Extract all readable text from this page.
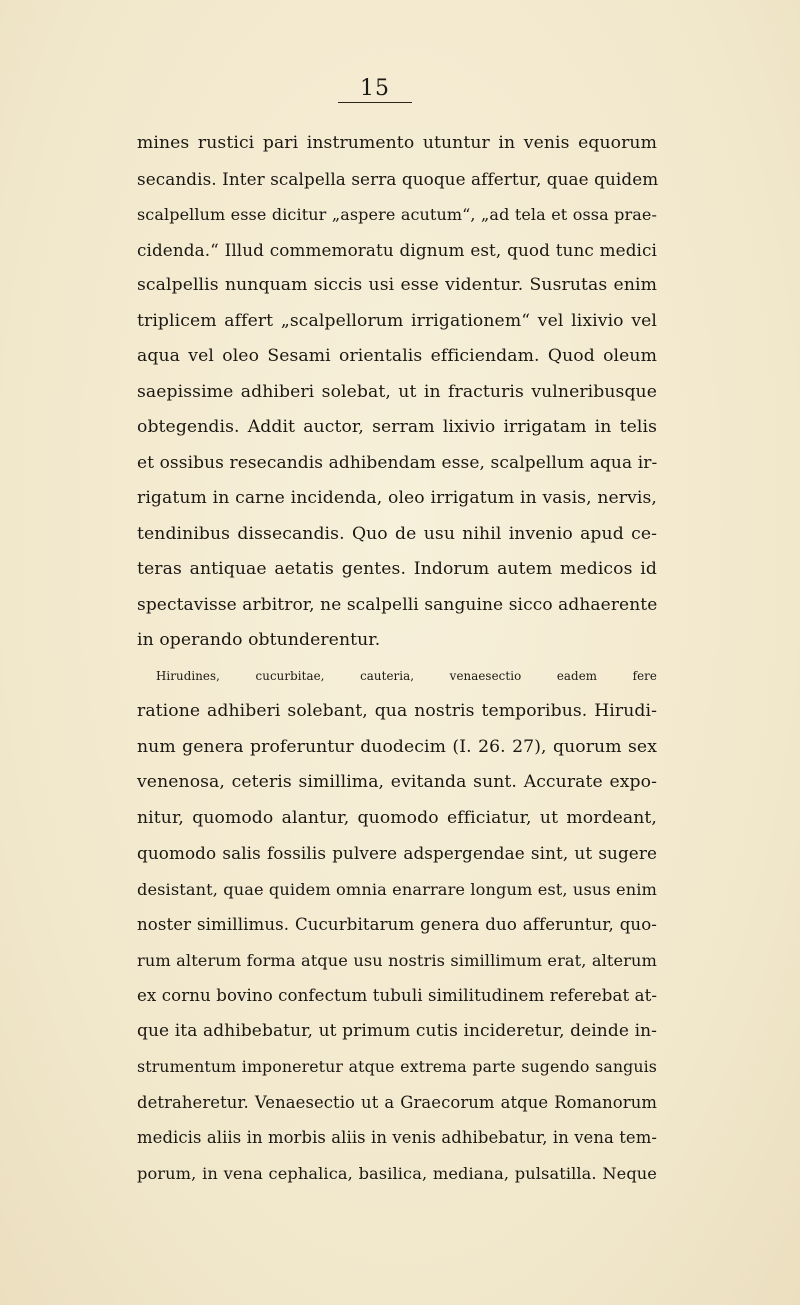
15
mines rustici pari instrumento utuntur in venis equorum
secandis. Inter scalpella serra quoque affertur, quae quidem
scalpellum esse dicitur „aspere acutum“, „ad tela et ossa prae-
cidenda.“ Illud commemoratu dignum est, quod tunc medici
scalpellis nunquam siccis usi esse videntur. Susrutas enim
triplicem affert „scalpellorum irrigationem“ vel lixivio vel
aqua vel oleo Sesami orientalis efficiendam. Quod oleum
saepissime adhiberi solebat, ut in fracturis vulneribusque
obtegendis. Addit auctor, serram lixivio irrigatam in telis
et ossibus resecandis adhibendam esse, scalpellum aqua ir-
rigatum in carne incidenda, oleo irrigatum in vasis, nervis,
tendinibus dissecandis. Quo de usu nihil invenio apud ce-
teras antiquae aetatis gentes. Indorum autem medicos id
spectavisse arbitror, ne scalpelli sanguine sicco adhaerente
in operando obtunderentur.
Hirudines, cucurbitae, cauteria, venaesectio eadem fere
ratione adhiberi solebant, qua nostris temporibus. Hirudi-
num genera proferuntur duodecim (I. 26. 27), quorum sex
venenosa, ceteris simillima, evitanda sunt. Accurate expo-
nitur, quomodo alantur, quomodo efficiatur, ut mordeant,
quomodo salis fossilis pulvere adspergendae sint, ut sugere
desistant, quae quidem omnia enarrare longum est, usus enim
noster simillimus. Cucurbitarum genera duo afferuntur, quo-
rum alterum forma atque usu nostris simillimum erat, alterum
ex cornu bovino confectum tubuli similitudinem referebat at-
que ita adhibebatur, ut primum cutis incideretur, deinde in-
strumentum imponeretur atque extrema parte sugendo sanguis
detraheretur. Venaesectio ut a Graecorum atque Romanorum
medicis aliis in morbis aliis in venis adhibebatur, in vena tem-
porum, in vena cephalica, basilica, mediana, pulsatilla. Neque
